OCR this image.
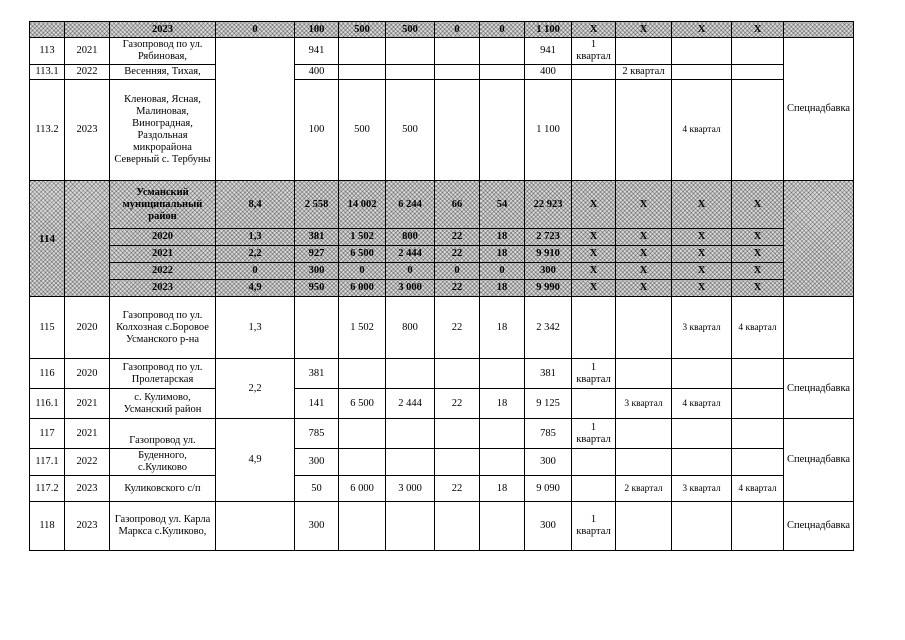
		2023	0	100	500	500	0	0	1 100	X	X	X	X	
113	2021	Газопровод по ул. Рябиновая,		941					941	1 квартал				Спецнадбавка
113.1	2022	Весенняя, Тихая,		400					400		2 квартал			
113.2	2023	Кленовая, Ясная, Малиновая, Виноградная, Раздольная микрорайона Северный с. Тербуны		100	500	500			1 100			4 квартал		
114		Усманский муниципальный район	8,4	2 558	14 002	6 244	66	54	22 923	X	X	X	X	
		2020	1,3	381	1 502	800	22	18	2 723	X	X	X	X	
		2021	2,2	927	6 500	2 444	22	18	9 910	X	X	X	X	
		2022	0	300	0	0	0	0	300	X	X	X	X	
		2023	4,9	950	6 000	3 000	22	18	9 990	X	X	X	X	
115	2020	Газопровод по ул. Колхозная с.Боровое Усманского р-на	1,3		1 502	800	22	18	2 342			3 квартал	4 квартал	
116	2020	Газопровод по ул. Пролетарская	2,2	381					381	1 квартал				Спецнадбавка
116.1	2021	с. Кулимово, Усманский район		141	6 500	2 444	22	18	9 125		3 квартал	4 квартал		
117	2021	Газопровод ул.	4,9	785					785	1 квартал				Спецнадбавка
117.1	2022	Буденного, с.Куликово		300					300					
117.2	2023	Куликовского с/п		50	6 000	3 000	22	18	9 090		2 квартал	3 квартал	4 квартал	
118	2023	Газопровод ул. Карла Маркса с.Куликово,		300					300	1 квартал				Спецнадбавка
